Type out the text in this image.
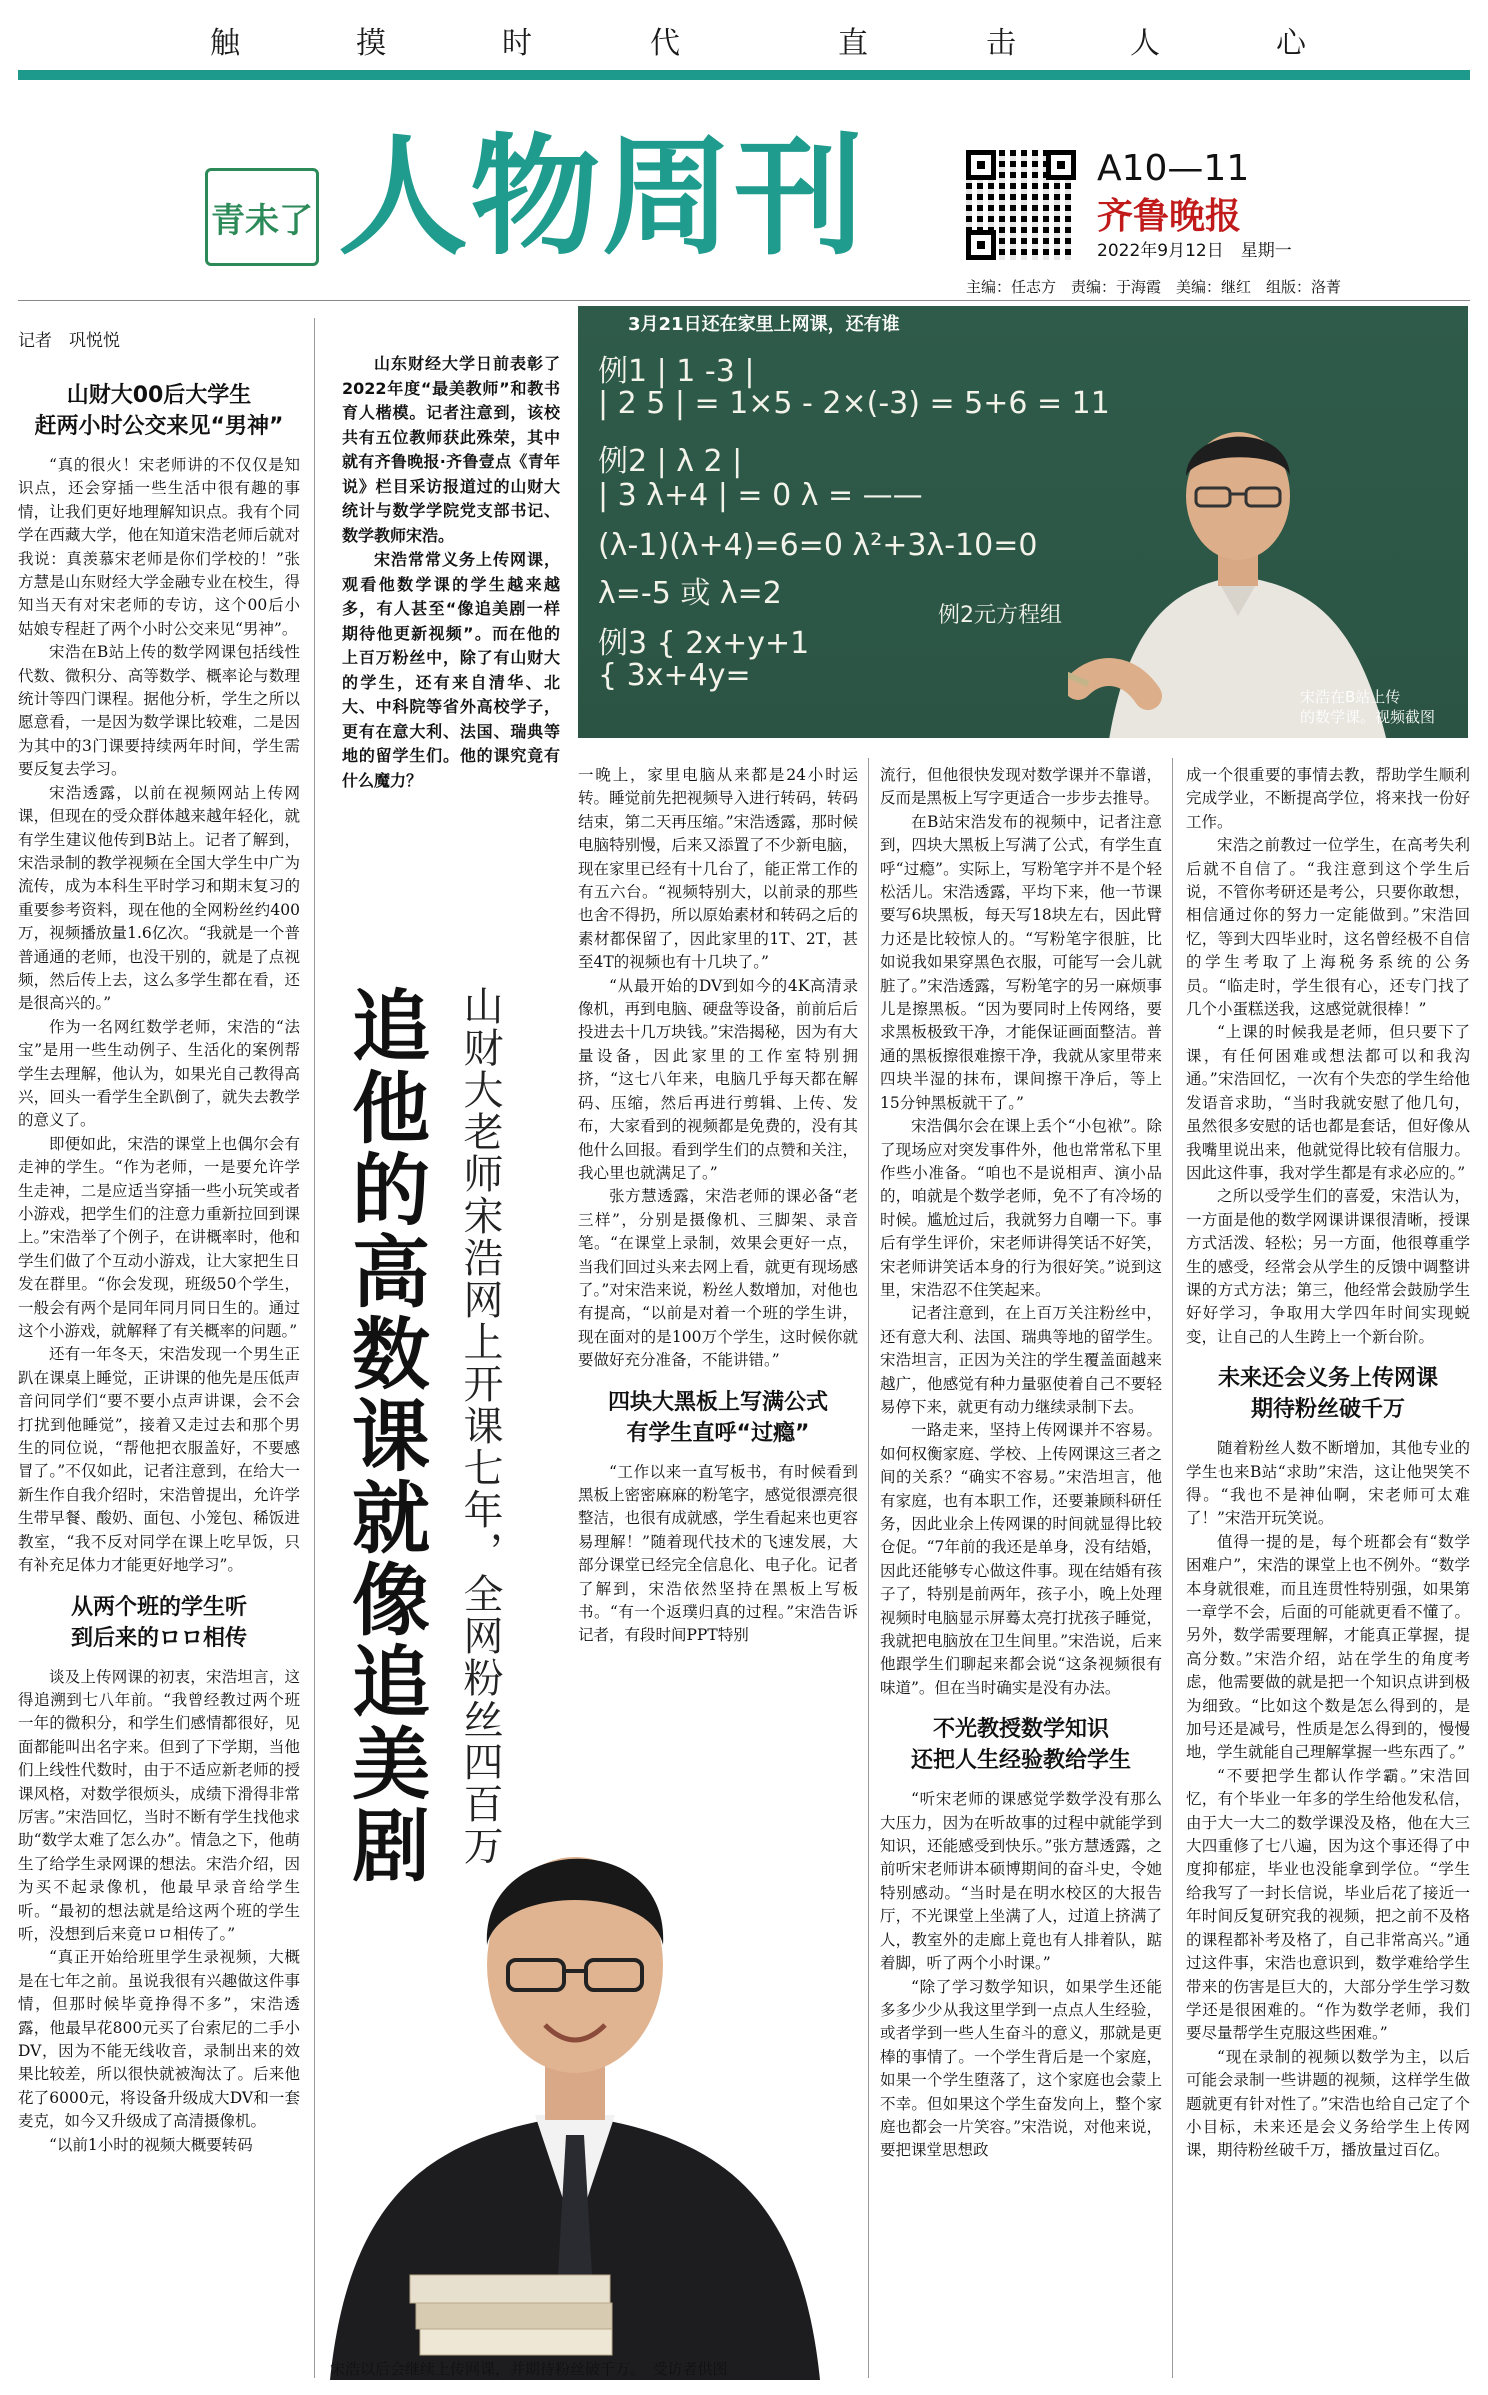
触	摸	时	代	直	击	人	心
青未了 人物周刊	A10—11
齐鲁晚报
2022年9月12日　星期一
主编：任志方　责编：于海霞　美编：继红　组版：洛菁
记者　巩悦悦
山财大00后大学生
赶两小时公交来见“男神”

“真的很火！宋老师讲的不仅仅是知识点，还会穿插一些生活中很有趣的事情，让我们更好地理解知识点。我有个同学在西藏大学，他在知道宋浩老师后就对我说：真羡慕宋老师是你们学校的！”张方慧是山东财经大学金融专业在校生，得知当天有对宋老师的专访，这个00后小姑娘专程赶了两个小时公交来见“男神”。

宋浩在B站上传的数学网课包括线性代数、微积分、高等数学、概率论与数理统计等四门课程。据他分析，学生之所以愿意看，一是因为数学课比较难，二是因为其中的3门课要持续两年时间，学生需要反复去学习。

宋浩透露，以前在视频网站上传网课，但现在的受众群体越来越年轻化，就有学生建议他传到B站上。记者了解到，宋浩录制的教学视频在全国大学生中广为流传，成为本科生平时学习和期末复习的重要参考资料，现在他的全网粉丝约400万，视频播放量1.6亿次。“我就是一个普普通通的老师，也没干别的，就是了点视频，然后传上去，这么多学生都在看，还是很高兴的。”

作为一名网红数学老师，宋浩的“法宝”是用一些生动例子、生活化的案例帮学生去理解，他认为，如果光自己教得高兴，回头一看学生全趴倒了，就失去教学的意义了。

即便如此，宋浩的课堂上也偶尔会有走神的学生。“作为老师，一是要允许学生走神，二是应适当穿插一些小玩笑或者小游戏，把学生们的注意力重新拉回到课上。”宋浩举了个例子，在讲概率时，他和学生们做了个互动小游戏，让大家把生日发在群里。“你会发现，班级50个学生，一般会有两个是同年同月同日生的。通过这个小游戏，就解释了有关概率的问题。”

还有一年冬天，宋浩发现一个男生正趴在课桌上睡觉，正讲课的他先是压低声音问同学们“要不要小点声讲课，会不会打扰到他睡觉”，接着又走过去和那个男生的同位说，“帮他把衣服盖好，不要感冒了。”不仅如此，记者注意到，在给大一新生作自我介绍时，宋浩曾提出，允许学生带早餐、酸奶、面包、小笼包、稀饭进教室，“我不反对同学在课上吃早饭，只有补充足体力才能更好地学习”。

从两个班的学生听
到后来的ロロ相传

谈及上传网课的初衷，宋浩坦言，这得追溯到七八年前。“我曾经教过两个班一年的微积分，和学生们感情都很好，见面都能叫出名字来。但到了下学期，当他们上线性代数时，由于不适应新老师的授课风格，对数学很烦头，成绩下滑得非常厉害。”宋浩回忆，当时不断有学生找他求助“数学太难了怎么办”。情急之下，他萌生了给学生录网课的想法。宋浩介绍，因为买不起录像机，他最早录音给学生听。“最初的想法就是给这两个班的学生听，没想到后来竟ロロ相传了。”

“真正开始给班里学生录视频，大概是在七年之前。虽说我很有兴趣做这件事情，但那时候毕竟挣得不多”，宋浩透露，他最早花800元买了台索尼的二手小DV，因为不能无线收音，录制出来的效果比较差，所以很快就被淘汰了。后来他花了6000元，将设备升级成大DV和一套麦克，如今又升级成了高清摄像机。

“以前1小时的视频大概要转码

山东财经大学日前表彰了2022年度“最美教师”和教书育人楷模。记者注意到，该校共有五位教师获此殊荣，其中就有齐鲁晚报·齐鲁壹点《青年说》栏目采访报道过的山财大统计与数学学院党支部书记、数学教师宋浩。

宋浩常常义务上传网课，观看他数学课的学生越来越多，有人甚至“像追美剧一样期待他更新视频”。而在他的上百万粉丝中，除了有山财大的学生，还有来自清华、北大、中科院等省外高校学子，更有在意大利、法国、瑞典等地的留学生们。他的课究竟有什么魔力？

追他的高数课就像追美剧 山财大老师宋浩网上开课七年，全网粉丝四百万
3月21日还在家里上网课，还有谁
例1 | 1 -3 |
| 2 5 | = 1×5 - 2×(-3) = 5+6 = 11
例2 | λ 2 |
| 3 λ+4 | = 0 λ = ——
(λ-1)(λ+4)=6=0 λ²+3λ-10=0
λ=-5 或 λ=2
例3 { 2x+y+1
{ 3x+4y=
例2元方程组
宋浩在B站上传
的数学课。视频截图

一晚上，家里电脑从来都是24小时运转。睡觉前先把视频导入进行转码，转码结束，第二天再压缩。”宋浩透露，那时候电脑特别慢，后来又添置了不少新电脑，现在家里已经有十几台了，能正常工作的有五六台。“视频特别大，以前录的那些也舍不得扔，所以原始素材和转码之后的素材都保留了，因此家里的1T、2T，甚至4T的视频也有十几块了。”

“从最开始的DV到如今的4K高清录像机，再到电脑、硬盘等设备，前前后后投进去十几万块钱。”宋浩揭秘，因为有大量设备，因此家里的工作室特别拥挤，“这七八年来，电脑几乎每天都在解码、压缩，然后再进行剪辑、上传、发布，大家看到的视频都是免费的，没有其他什么回报。看到学生们的点赞和关注，我心里也就满足了。”

张方慧透露，宋浩老师的课必备“老三样”，分别是摄像机、三脚架、录音笔。“在课堂上录制，效果会更好一点，当我们回过头来去网上看，就更有现场感了。”对宋浩来说，粉丝人数增加，对他也有提高，“以前是对着一个班的学生讲，现在面对的是100万个学生，这时候你就要做好充分准备，不能讲错。”

四块大黑板上写满公式
有学生直呼“过瘾”

“工作以来一直写板书，有时候看到黑板上密密麻麻的粉笔字，感觉很漂亮很整洁，也很有成就感，学生看起来也更容易理解！”随着现代技术的飞速发展，大部分课堂已经完全信息化、电子化。记者了解到，宋浩依然坚持在黑板上写板书。“有一个返璞归真的过程。”宋浩告诉记者，有段时间PPT特别

流行，但他很快发现对数学课并不靠谱，反而是黑板上写字更适合一步步去推导。

在B站宋浩发布的视频中，记者注意到，四块大黑板上写满了公式，有学生直呼“过瘾”。实际上，写粉笔字并不是个轻松活儿。宋浩透露，平均下来，他一节课要写6块黑板，每天写18块左右，因此臂力还是比较惊人的。“写粉笔字很脏，比如说我如果穿黑色衣服，可能写一会儿就脏了。”宋浩透露，写粉笔字的另一麻烦事儿是擦黑板。“因为要同时上传网络，要求黑板极致干净，才能保证画面整洁。普通的黑板擦很难擦干净，我就从家里带来四块半湿的抹布，课间擦干净后，等上15分钟黑板就干了。”

宋浩偶尔会在课上丢个“小包袱”。除了现场应对突发事件外，他也常常私下里作些小准备。“咱也不是说相声、演小品的，咱就是个数学老师，免不了有冷场的时候。尴尬过后，我就努力自嘲一下。事后有学生评价，宋老师讲得笑话不好笑，宋老师讲笑话本身的行为很好笑。”说到这里，宋浩忍不住笑起来。

记者注意到，在上百万关注粉丝中，还有意大利、法国、瑞典等地的留学生。宋浩坦言，正因为关注的学生覆盖面越来越广，他感觉有种力量驱使着自己不要轻易停下来，就更有动力继续录制下去。

一路走来，坚持上传网课并不容易。如何权衡家庭、学校、上传网课这三者之间的关系？“确实不容易。”宋浩坦言，他有家庭，也有本职工作，还要兼顾科研任务，因此业余上传网课的时间就显得比较仓促。“7年前的我还是单身，没有结婚，因此还能够专心做这件事。现在结婚有孩子了，特别是前两年，孩子小，晚上处理视频时电脑显示屏蓦太亮打扰孩子睡觉，我就把电脑放在卫生间里。”宋浩说，后来他跟学生们聊起来都会说“这条视频很有味道”。但在当时确实是没有办法。

不光教授数学知识
还把人生经验教给学生

“听宋老师的课感觉学数学没有那么大压力，因为在听故事的过程中就能学到知识，还能感受到快乐。”张方慧透露，之前听宋老师讲本硕博期间的奋斗史，令她特别感动。“当时是在明水校区的大报告厅，不光课堂上坐满了人，过道上挤满了人，教室外的走廊上竟也有人排着队，踮着脚，听了两个小时课。”

“除了学习数学知识，如果学生还能多多少少从我这里学到一点点人生经验，或者学到一些人生奋斗的意义，那就是更棒的事情了。一个学生背后是一个家庭，如果一个学生堕落了，这个家庭也会蒙上不幸。但如果这个学生奋发向上，整个家庭也都会一片笑容。”宋浩说，对他来说，要把课堂思想政

成一个很重要的事情去教，帮助学生顺利完成学业，不断提高学位，将来找一份好工作。

宋浩之前教过一位学生，在高考失利后就不自信了。“我注意到这个学生后说，不管你考研还是考公，只要你敢想，相信通过你的努力一定能做到。”宋浩回忆，等到大四毕业时，这名曾经极不自信的学生考取了上海税务系统的公务员。“临走时，学生很有心，还专门找了几个小蛋糕送我，这感觉就很棒！”

“上课的时候我是老师，但只要下了课，有任何困难或想法都可以和我沟通。”宋浩回忆，一次有个失恋的学生给他发语音求助，“当时我就安慰了他几句，虽然很多安慰的话也都是套话，但好像从我嘴里说出来，他就觉得比较有信服力。因此这件事，我对学生都是有求必应的。”

之所以受学生们的喜爱，宋浩认为，一方面是他的数学网课讲课很清晰，授课方式活泼、轻松；另一方面，他很尊重学生的感受，经常会从学生的反馈中调整讲课的方式方法；第三，他经常会鼓励学生好好学习，争取用大学四年时间实现蜕变，让自己的人生跨上一个新台阶。

未来还会义务上传网课
期待粉丝破千万

随着粉丝人数不断增加，其他专业的学生也来B站“求助”宋浩，这让他哭笑不得。“我也不是神仙啊，宋老师可太难了！”宋浩开玩笑说。

值得一提的是，每个班都会有“数学困难户”，宋浩的课堂上也不例外。“数学本身就很难，而且连贯性特别强，如果第一章学不会，后面的可能就更看不懂了。另外，数学需要理解，才能真正掌握，提高分数。”宋浩介绍，站在学生的角度考虑，他需要做的就是把一个知识点讲到极为细致。“比如这个数是怎么得到的，是加号还是减号，性质是怎么得到的，慢慢地，学生就能自己理解掌握一些东西了。”

“不要把学生都认作学霸。”宋浩回忆，有个毕业一年多的学生给他发私信，由于大一大二的数学课没及格，他在大三大四重修了七八遍，因为这个事还得了中度抑郁症，毕业也没能拿到学位。“学生给我写了一封长信说，毕业后花了接近一年时间反复研究我的视频，把之前不及格的课程都补考及格了，自己非常高兴。”通过这件事，宋浩也意识到，数学难给学生带来的伤害是巨大的，大部分学生学习数学还是很困难的。“作为数学老师，我们要尽量帮学生克服这些困难。”

“现在录制的视频以数学为主，以后可能会录制一些讲题的视频，这样学生做题就更有针对性了。”宋浩也给自己定了个小目标，未来还是会义务给学生上传网课，期待粉丝破千万，播放量过百亿。

宋浩以后会继续上传网课，并期待粉丝破千万。　受访者供图
